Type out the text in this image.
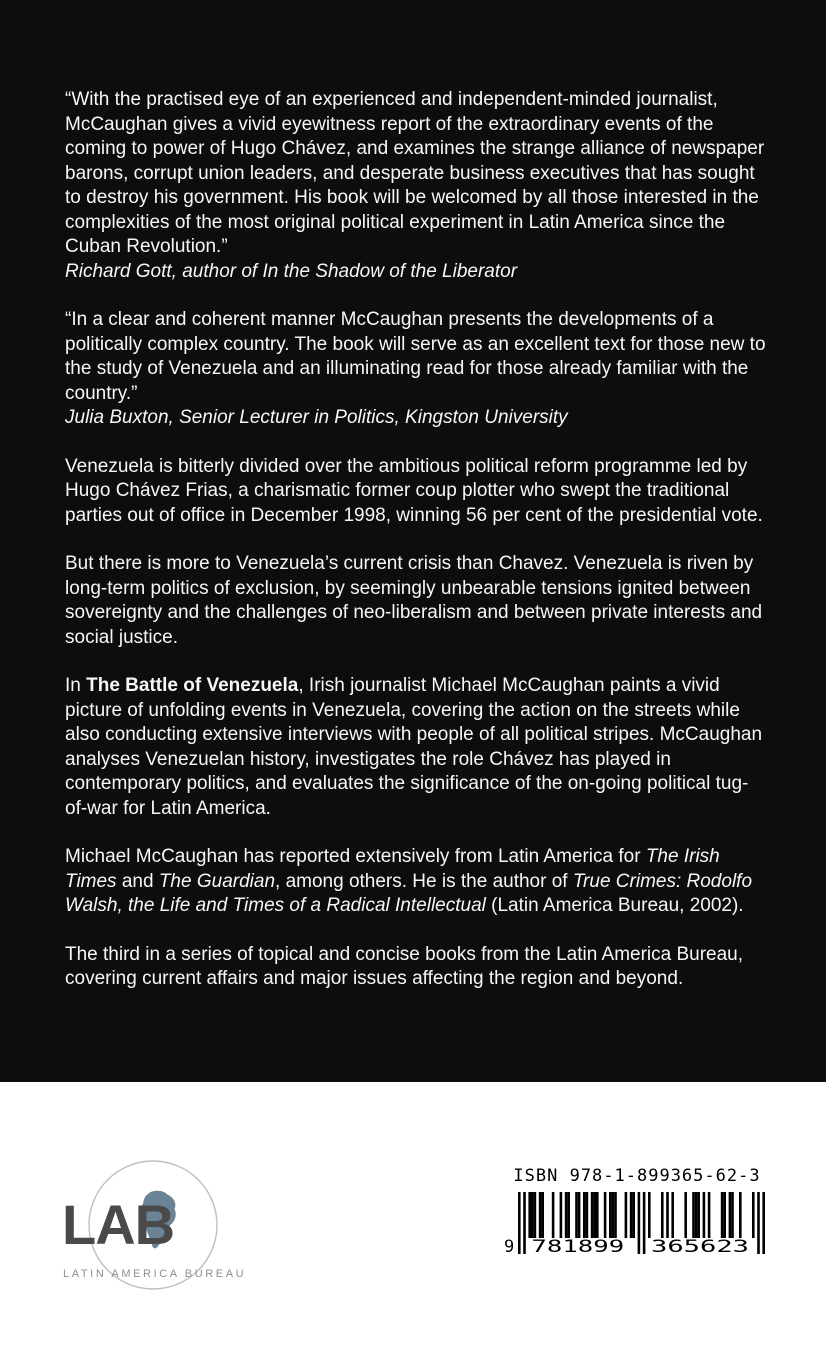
“With the practised eye of an experienced and independent-minded journalist, McCaughan gives a vivid eyewitness report of the extraordinary events of the coming to power of Hugo Chávez, and examines the strange alliance of newspaper barons, corrupt union leaders, and desperate business executives that has sought to destroy his government. His book will be welcomed by all those interested in the complexities of the most original political experiment in Latin America since the Cuban Revolution.”

Richard Gott, author of In the Shadow of the Liberator

“In a clear and coherent manner McCaughan presents the developments of a politically complex country. The book will serve as an excellent text for those new to the study of Venezuela and an illuminating read for those already familiar with the country.”

Julia Buxton, Senior Lecturer in Politics, Kingston University

Venezuela is bitterly divided over the ambitious political reform programme led by Hugo Chávez Frias, a charismatic former coup plotter who swept the traditional parties out of office in December 1998, winning 56 per cent of the presidential vote.

But there is more to Venezuela’s current crisis than Chavez. Venezuela is riven by long-term politics of exclusion, by seemingly unbearable tensions ignited between sovereignty and the challenges of neo-liberalism and between private interests and social justice.

In The Battle of Venezuela, Irish journalist Michael McCaughan paints a vivid picture of unfolding events in Venezuela, covering the action on the streets while also conducting extensive interviews with people of all political stripes. McCaughan analyses Venezuelan history, investigates the role Chávez has played in contemporary politics, and evaluates the significance of the on-going political tug-of-war for Latin America.

Michael McCaughan has reported extensively from Latin America for The Irish Times and The Guardian, among others. He is the author of True Crimes: Rodolfo Walsh, the Life and Times of a Radical Intellectual (Latin America Bureau, 2002).

The third in a series of topical and concise books from the Latin America Bureau, covering current affairs and major issues affecting the region and beyond.

LAB
LATIN AMERICA BUREAU
ISBN 978-1-899365-62-3
9 781899 365623
